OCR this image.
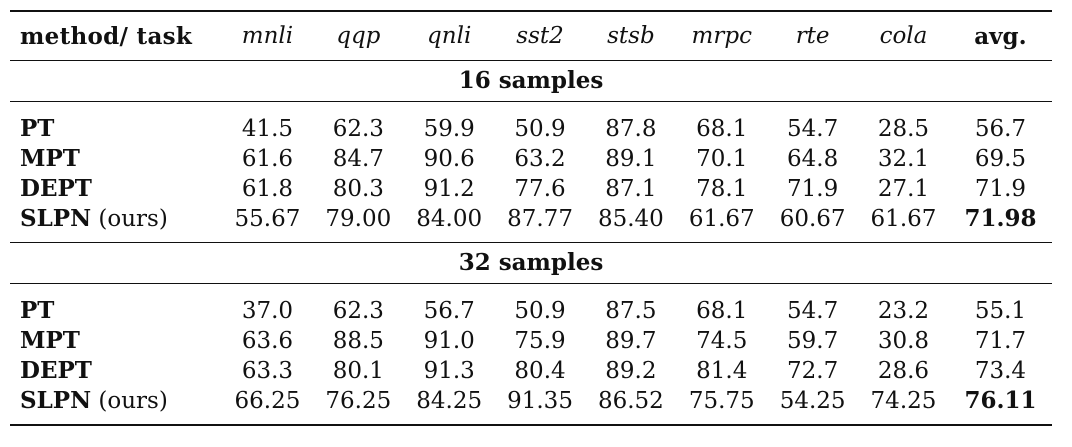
method/ task	mnli	qqp	qnli	sst2	stsb	mrpc	rte	cola	avg.
16 samples									
PT	41.5	62.3	59.9	50.9	87.8	68.1	54.7	28.5	56.7
MPT	61.6	84.7	90.6	63.2	89.1	70.1	64.8	32.1	69.5
DEPT	61.8	80.3	91.2	77.6	87.1	78.1	71.9	27.1	71.9
SLPN (ours)	55.67	79.00	84.00	87.77	85.40	61.67	60.67	61.67	71.98
32 samples									
PT	37.0	62.3	56.7	50.9	87.5	68.1	54.7	23.2	55.1
MPT	63.6	88.5	91.0	75.9	89.7	74.5	59.7	30.8	71.7
DEPT	63.3	80.1	91.3	80.4	89.2	81.4	72.7	28.6	73.4
SLPN (ours)	66.25	76.25	84.25	91.35	86.52	75.75	54.25	74.25	76.11
